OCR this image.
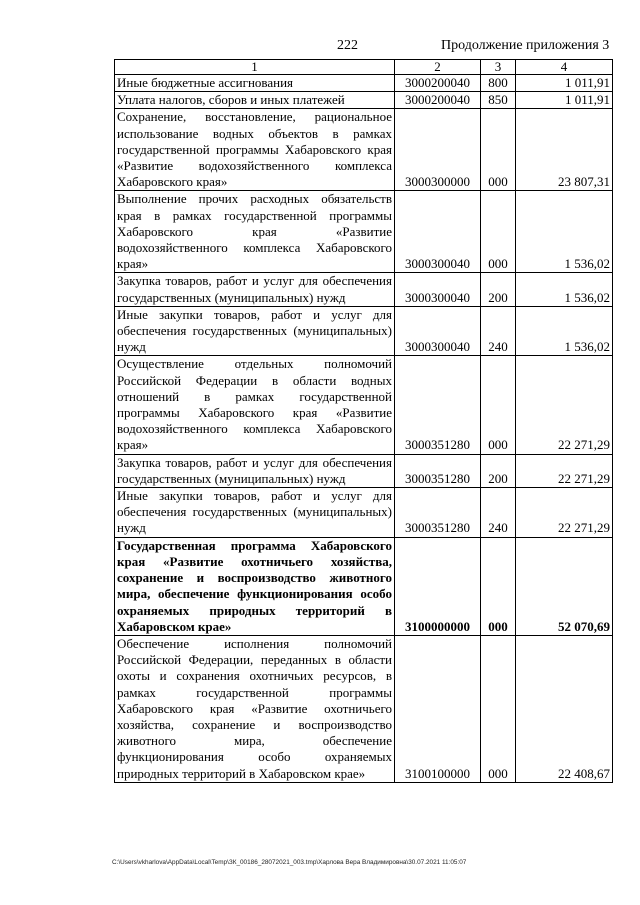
222	Продолжение приложения 3
1	2	3	4
Иные бюджетные ассигнования	3000200040	800	1 011,91
Уплата налогов, сборов и иных платежей	3000200040	850	1 011,91
Сохранение, восстановление, рациональное использование водных объектов в рамках государственной программы Хабаровского края «Развитие водохозяйственного комплекса Хабаровского края»	3000300000	000	23 807,31
Выполнение прочих расходных обязательств края в рамках государственной программы Хабаровского края «Развитие водохозяйственного комплекса Хабаровского края»	3000300040	000	1 536,02
Закупка товаров, работ и услуг для обеспечения государственных (муниципальных) нужд	3000300040	200	1 536,02
Иные закупки товаров, работ и услуг для обеспечения государственных (муниципальных) нужд	3000300040	240	1 536,02
Осуществление отдельных полномочий Российской Федерации в области водных отношений в рамках государственной программы Хабаровского края «Развитие водохозяйственного комплекса Хабаровского края»	3000351280	000	22 271,29
Закупка товаров, работ и услуг для обеспечения государственных (муниципальных) нужд	3000351280	200	22 271,29
Иные закупки товаров, работ и услуг для обеспечения государственных (муниципальных) нужд	3000351280	240	22 271,29
Государственная программа Хабаровского края «Развитие охотничьего хозяйства, сохранение и воспроизводство животного мира, обеспечение функционирования особо охраняемых природных территорий в Хабаровском крае»	3100000000	000	52 070,69
Обеспечение исполнения полномочий Российской Федерации, переданных в области охоты и сохранения охотничьих ресурсов, в рамках государственной программы Хабаровского края «Развитие охотничьего хозяйства, сохранение и воспроизводство животного мира, обеспечение функционирования особо охраняемых природных территорий в Хабаровском крае»	3100100000	000	22 408,67
C:\Users\vkharlova\AppData\Local\Temp\ЗК_00186_28072021_003.tmp\Харлова Вера Владимировна\30.07.2021 11:05:07
